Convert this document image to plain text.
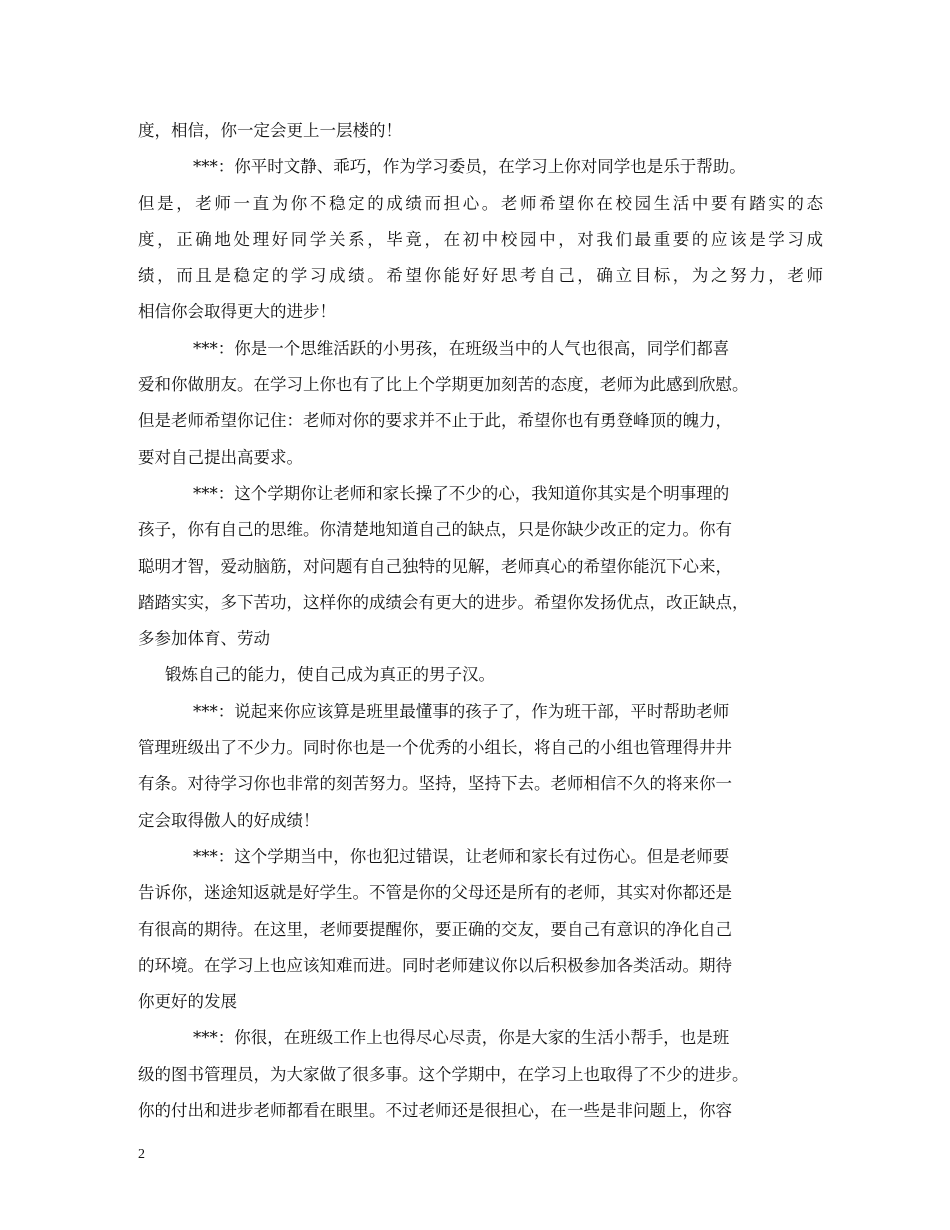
度，相信，你一定会更上一层楼的！
***：你平时文静、乖巧，作为学习委员，在学习上你对同学也是乐于帮助。
但是，老师一直为你不稳定的成绩而担心。老师希望你在校园生活中要有踏实的态
度，正确地处理好同学关系，毕竟，在初中校园中，对我们最重要的应该是学习成
绩，而且是稳定的学习成绩。希望你能好好思考自己，确立目标，为之努力，老师
相信你会取得更大的进步！
***：你是一个思维活跃的小男孩，在班级当中的人气也很高，同学们都喜
爱和你做朋友。在学习上你也有了比上个学期更加刻苦的态度，老师为此感到欣慰。
但是老师希望你记住：老师对你的要求并不止于此，希望你也有勇登峰顶的魄力，
要对自己提出高要求。
***：这个学期你让老师和家长操了不少的心，我知道你其实是个明事理的
孩子，你有自己的思维。你清楚地知道自己的缺点，只是你缺少改正的定力。你有
聪明才智，爱动脑筋，对问题有自己独特的见解，老师真心的希望你能沉下心来，
踏踏实实，多下苦功，这样你的成绩会有更大的进步。希望你发扬优点，改正缺点，
多参加体育、劳动
锻炼自己的能力，使自己成为真正的男子汉。
***：说起来你应该算是班里最懂事的孩子了，作为班干部，平时帮助老师
管理班级出了不少力。同时你也是一个优秀的小组长，将自己的小组也管理得井井
有条。对待学习你也非常的刻苦努力。坚持，坚持下去。老师相信不久的将来你一
定会取得傲人的好成绩！
***：这个学期当中，你也犯过错误，让老师和家长有过伤心。但是老师要
告诉你，迷途知返就是好学生。不管是你的父母还是所有的老师，其实对你都还是
有很高的期待。在这里，老师要提醒你，要正确的交友，要自己有意识的净化自己
的环境。在学习上也应该知难而进。同时老师建议你以后积极参加各类活动。期待
你更好的发展
***：你很，在班级工作上也得尽心尽责，你是大家的生活小帮手，也是班
级的图书管理员，为大家做了很多事。这个学期中，在学习上也取得了不少的进步。
你的付出和进步老师都看在眼里。不过老师还是很担心，在一些是非问题上，你容
2
